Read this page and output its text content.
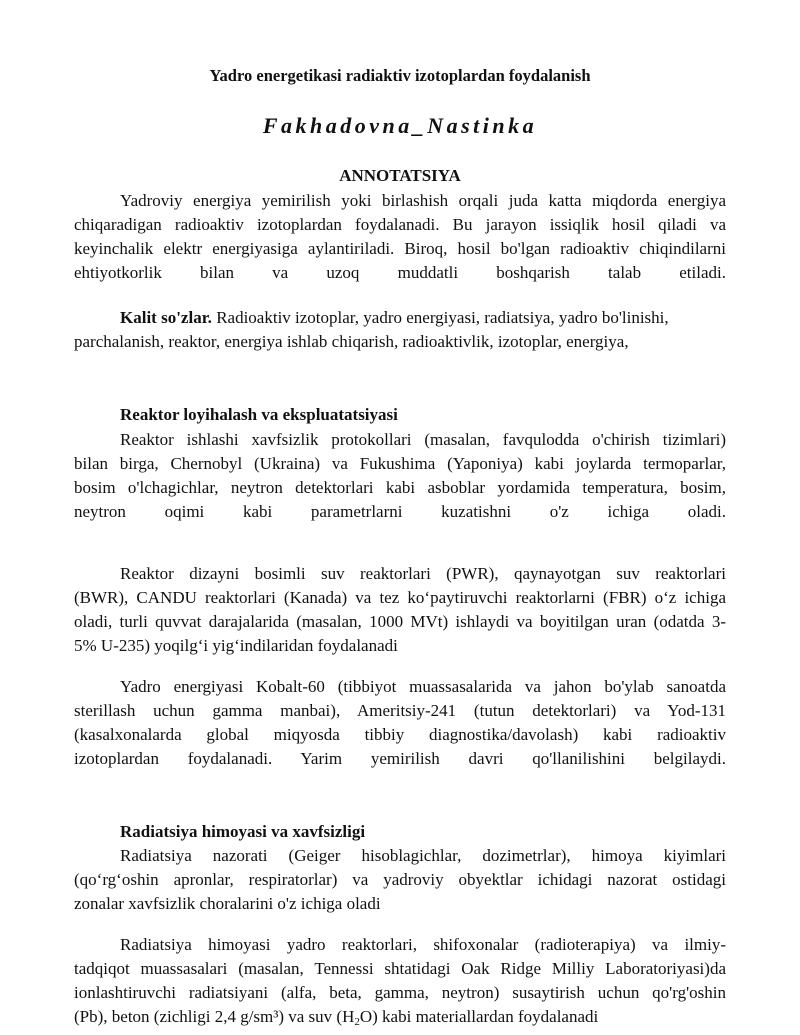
Yadro energetikasi radiaktiv izotoplardan foydalanish
Fakhadovna_Nastinka
ANNOTATSIYA
Yadroviy energiya yemirilish yoki birlashish orqali juda katta miqdorda energiya
chiqaradigan radioaktiv izotoplardan foydalanadi. Bu jarayon issiqlik hosil qiladi va
keyinchalik elektr energiyasiga aylantiriladi. Biroq, hosil bo'lgan radioaktiv chiqindilarni
ehtiyotkorlik bilan va uzoq muddatli boshqarish talab etiladi.
Kalit so'zlar. Radioaktiv izotoplar, yadro energiyasi, radiatsiya, yadro bo'linishi,
parchalanish, reaktor, energiya ishlab chiqarish, radioaktivlik, izotoplar, energiya,
Reaktor loyihalash va ekspluatatsiyasi
Reaktor ishlashi xavfsizlik protokollari (masalan, favqulodda o'chirish tizimlari)
bilan birga, Chernobyl (Ukraina) va Fukushima (Yaponiya) kabi joylarda termoparlar,
bosim o'lchagichlar, neytron detektorlari kabi asboblar yordamida temperatura, bosim,
neytron oqimi kabi parametrlarni kuzatishni o'z ichiga oladi.
Reaktor dizayni bosimli suv reaktorlari (PWR), qaynayotgan suv reaktorlari
(BWR), CANDU reaktorlari (Kanada) va tez ko‘paytiruvchi reaktorlarni (FBR) o‘z ichiga
oladi, turli quvvat darajalarida (masalan, 1000 MVt) ishlaydi va boyitilgan uran (odatda 3-
5% U-235) yoqilg‘i yig‘indilaridan foydalanadi
Yadro energiyasi Kobalt-60 (tibbiyot muassasalarida va jahon bo'ylab sanoatda
sterillash uchun gamma manbai), Ameritsiy-241 (tutun detektorlari) va Yod-131
(kasalxonalarda global miqyosda tibbiy diagnostika/davolash) kabi radioaktiv
izotoplardan foydalanadi. Yarim yemirilish davri qo'llanilishini belgilaydi.
Radiatsiya himoyasi va xavfsizligi
Radiatsiya nazorati (Geiger hisoblagichlar, dozimetrlar), himoya kiyimlari
(qo‘rg‘oshin apronlar, respiratorlar) va yadroviy obyektlar ichidagi nazorat ostidagi
zonalar xavfsizlik choralarini o'z ichiga oladi
Radiatsiya himoyasi yadro reaktorlari, shifoxonalar (radioterapiya) va ilmiy-
tadqiqot muassasalari (masalan, Tennessi shtatidagi Oak Ridge Milliy Laboratoriyasi)da
ionlashtiruvchi radiatsiyani (alfa, beta, gamma, neytron) susaytirish uchun qo'rg'oshin
(Pb), beton (zichligi 2,4 g/sm³) va suv $(H_2O)$ kabi materiallardan foydalanadi
